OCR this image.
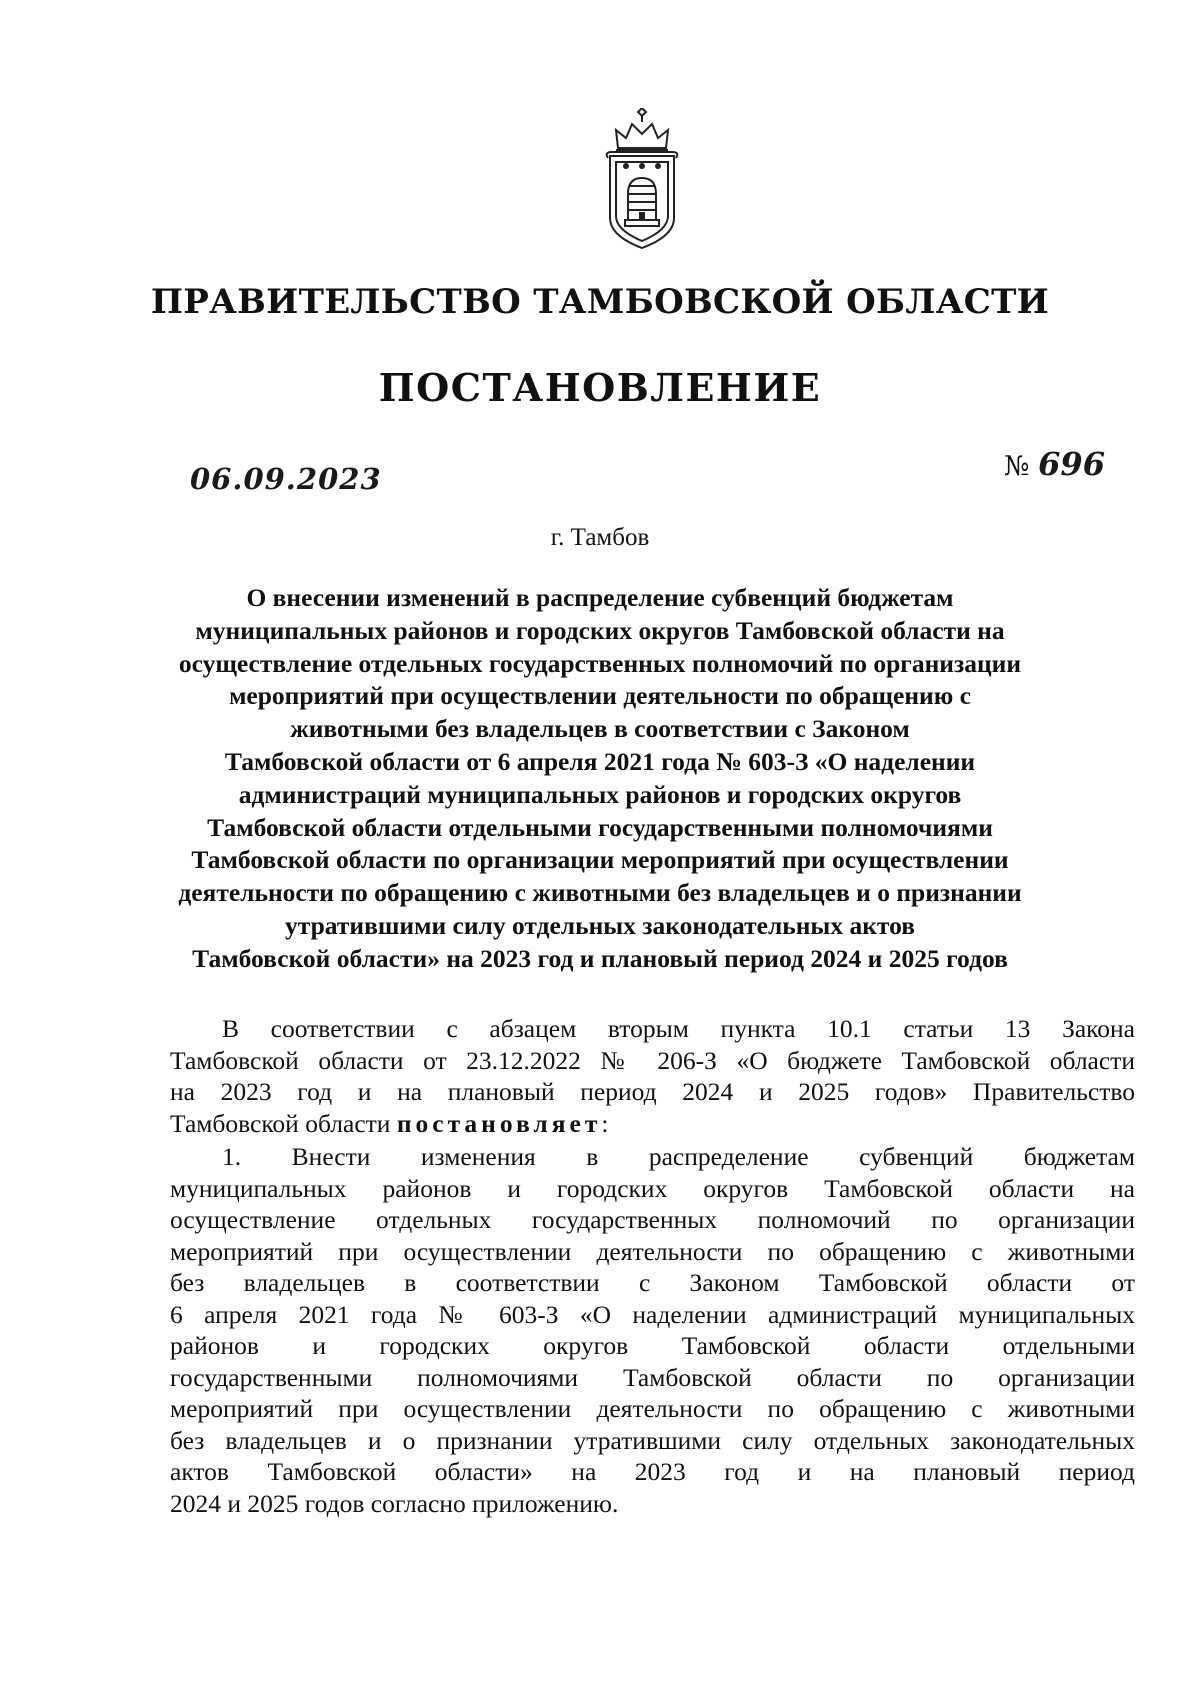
ПРАВИТЕЛЬСТВО ТАМБОВСКОЙ ОБЛАСТИ
ПОСТАНОВЛЕНИЕ
06.09.2023	№ 696

г. Тамбов

О внесении изменений в распределение субвенций бюджетам
муниципальных районов и городских округов Тамбовской области на
осуществление отдельных государственных полномочий по организации
мероприятий при осуществлении деятельности по обращению с
животными без владельцев в соответствии с Законом
Тамбовской области от 6 апреля 2021 года № 603-З «О наделении
администраций муниципальных районов и городских округов
Тамбовской области отдельными государственными полномочиями
Тамбовской области по организации мероприятий при осуществлении
деятельности по обращению с животными без владельцев и о признании
утратившими силу отдельных законодательных актов
Тамбовской области» на 2023 год и плановый период 2024 и 2025 годов
В соответствии с абзацем вторым пункта 10.1 статьи 13 Закона
Тамбовской области от 23.12.2022 № 206-З «О бюджете Тамбовской области
на 2023 год и на плановый период 2024 и 2025 годов» Правительство
Тамбовской области постановляет:
1. Внести изменения в распределение субвенций бюджетам
муниципальных районов и городских округов Тамбовской области на
осуществление отдельных государственных полномочий по организации
мероприятий при осуществлении деятельности по обращению с животными
без владельцев в соответствии с Законом Тамбовской области от
6 апреля 2021 года № 603-З «О наделении администраций муниципальных
районов и городских округов Тамбовской области отдельными
государственными полномочиями Тамбовской области по организации
мероприятий при осуществлении деятельности по обращению с животными
без владельцев и о признании утратившими силу отдельных законодательных
актов Тамбовской области» на 2023 год и на плановый период
2024 и 2025 годов согласно приложению.
